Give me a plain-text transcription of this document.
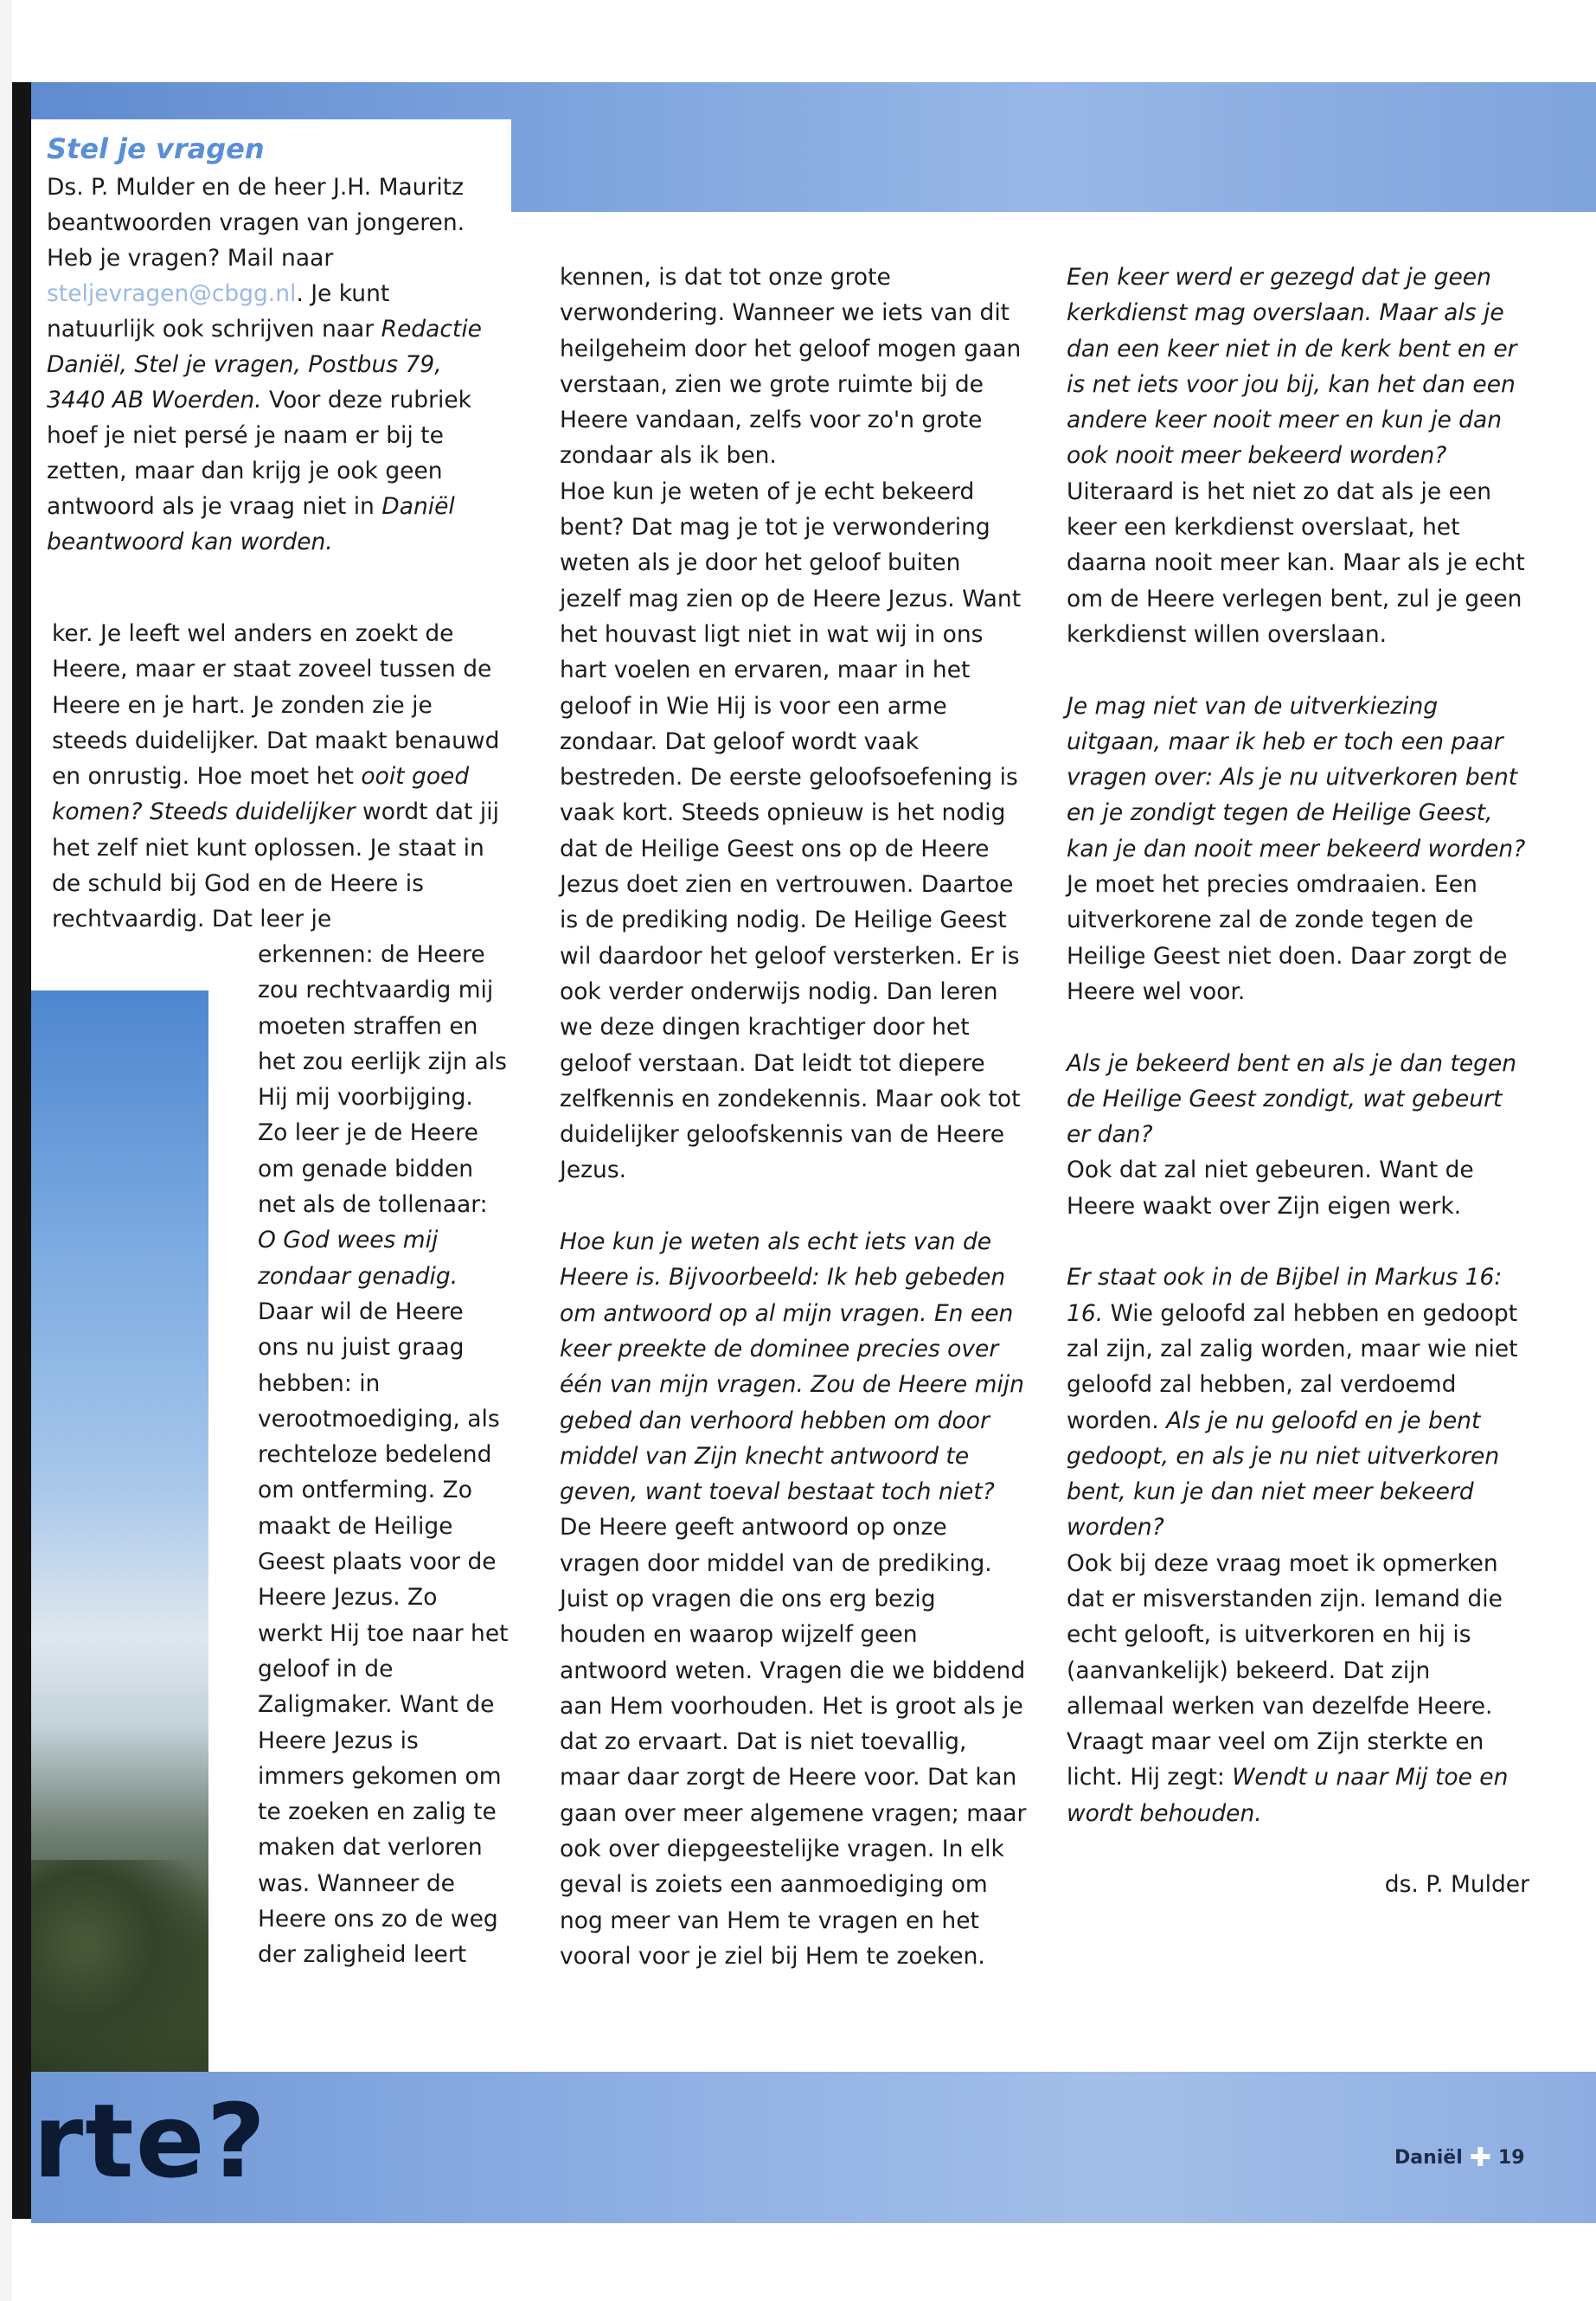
rte?	Daniël ✚ 19
Stel je vragen

Ds. P. Mulder en de heer J.H. Mauritz beantwoorden vragen van jongeren. Heb je vragen? Mail naar steljevragen@cbgg.nl. Je kunt natuurlijk ook schrijven naar Redactie Daniël, Stel je vragen, Postbus 79, 3440 AB Woerden. Voor deze rubriek hoef je niet persé je naam er bij te zetten, maar dan krijg je ook geen antwoord als je vraag niet in Daniël beantwoord kan worden.

ker. Je leeft wel anders en zoekt de Heere, maar er staat zoveel tussen de Heere en je hart. Je zonden zie je steeds duidelijker. Dat maakt benauwd en onrustig. Hoe moet het ooit goed komen? Steeds duidelijker wordt dat jij het zelf niet kunt oplossen. Je staat in de schuld bij God en de Heere is rechtvaardig. Dat leer je

erkennen: de Heere zou rechtvaardig mij moeten straffen en het zou eerlijk zijn als Hij mij voorbijging. Zo leer je de Heere om genade bidden net als de tollenaar: O God wees mij zondaar genadig.

Daar wil de Heere ons nu juist graag hebben: in verootmoediging, als rechteloze bedelend om ontferming. Zo maakt de Heilige Geest plaats voor de Heere Jezus. Zo werkt Hij toe naar het geloof in de Zaligmaker. Want de Heere Jezus is immers gekomen om te zoeken en zalig te maken dat verloren was. Wanneer de Heere ons zo de weg der zaligheid leert

kennen, is dat tot onze grote verwondering. Wanneer we iets van dit heilgeheim door het geloof mogen gaan verstaan, zien we grote ruimte bij de Heere vandaan, zelfs voor zo'n grote zondaar als ik ben.

Hoe kun je weten of je echt bekeerd bent? Dat mag je tot je verwondering weten als je door het geloof buiten jezelf mag zien op de Heere Jezus. Want het houvast ligt niet in wat wij in ons hart voelen en ervaren, maar in het geloof in Wie Hij is voor een arme zondaar. Dat geloof wordt vaak bestreden. De eerste geloofsoefening is vaak kort. Steeds opnieuw is het nodig dat de Heilige Geest ons op de Heere Jezus doet zien en vertrouwen. Daartoe is de prediking nodig. De Heilige Geest wil daardoor het geloof versterken. Er is ook verder onderwijs nodig. Dan leren we deze dingen krachtiger door het geloof verstaan. Dat leidt tot diepere zelfkennis en zondekennis. Maar ook tot duidelijker geloofskennis van de Heere Jezus.

Hoe kun je weten als echt iets van de Heere is. Bijvoorbeeld: Ik heb gebeden om antwoord op al mijn vragen. En een keer preekte de dominee precies over één van mijn vragen. Zou de Heere mijn gebed dan verhoord hebben om door middel van Zijn knecht antwoord te geven, want toeval bestaat toch niet?

De Heere geeft antwoord op onze vragen door middel van de prediking. Juist op vragen die ons erg bezig houden en waarop wijzelf geen antwoord weten. Vragen die we biddend aan Hem voorhouden. Het is groot als je dat zo ervaart. Dat is niet toevallig, maar daar zorgt de Heere voor. Dat kan gaan over meer algemene vragen; maar ook over diepgeestelijke vragen. In elk geval is zoiets een aanmoediging om nog meer van Hem te vragen en het vooral voor je ziel bij Hem te zoeken.

Een keer werd er gezegd dat je geen kerkdienst mag overslaan. Maar als je dan een keer niet in de kerk bent en er is net iets voor jou bij, kan het dan een andere keer nooit meer en kun je dan ook nooit meer bekeerd worden?

Uiteraard is het niet zo dat als je een keer een kerkdienst overslaat, het daarna nooit meer kan. Maar als je echt om de Heere verlegen bent, zul je geen kerkdienst willen overslaan.

Je mag niet van de uitverkiezing uitgaan, maar ik heb er toch een paar vragen over: Als je nu uitverkoren bent en je zondigt tegen de Heilige Geest, kan je dan nooit meer bekeerd worden?

Je moet het precies omdraaien. Een uitverkorene zal de zonde tegen de Heilige Geest niet doen. Daar zorgt de Heere wel voor.

Als je bekeerd bent en als je dan tegen de Heilige Geest zondigt, wat gebeurt er dan?

Ook dat zal niet gebeuren. Want de Heere waakt over Zijn eigen werk.

Er staat ook in de Bijbel in Markus 16: 16. Wie geloofd zal hebben en gedoopt zal zijn, zal zalig worden, maar wie niet geloofd zal hebben, zal verdoemd worden. Als je nu geloofd en je bent gedoopt, en als je nu niet uitverkoren bent, kun je dan niet meer bekeerd worden?

Ook bij deze vraag moet ik opmerken dat er misverstanden zijn. Iemand die echt gelooft, is uitverkoren en hij is (aanvankelijk) bekeerd. Dat zijn allemaal werken van dezelfde Heere. Vraagt maar veel om Zijn sterkte en licht. Hij zegt: Wendt u naar Mij toe en wordt behouden.

ds. P. Mulder
